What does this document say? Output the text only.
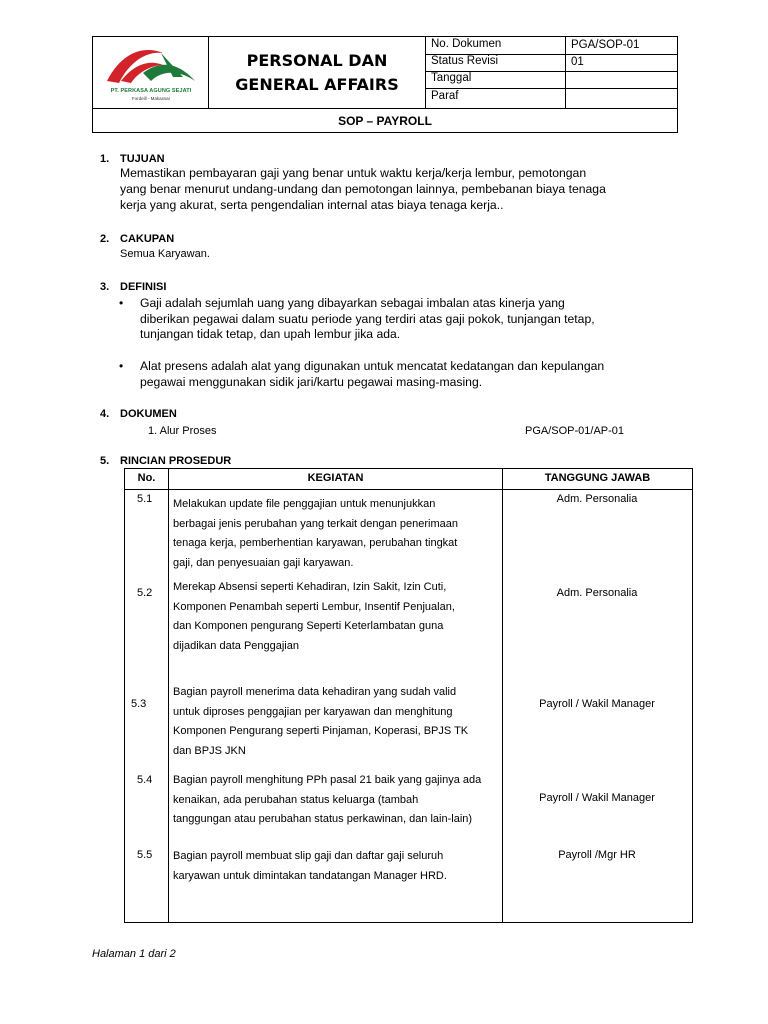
PT. PERKASA AGUNG SEJATI
Fordeill - Makassar
PERSONAL DAN
GENERAL AFFAIRS
No. Dokumen	PGA/SOP-01
Status Revisi	01
Tanggal
Paraf
SOP – PAYROLL
1. TUJUAN
Memastikan pembayaran gaji yang benar untuk waktu kerja/kerja lembur, pemotongan
yang benar menurut undang-undang dan pemotongan lainnya, pembebanan biaya tenaga
kerja yang akurat, serta pengendalian internal atas biaya tenaga kerja..
2. CAKUPAN
Semua Karyawan.
3. DEFINISI
• Gaji adalah sejumlah uang yang dibayarkan sebagai imbalan atas kinerja yang
diberikan pegawai dalam suatu periode yang terdiri atas gaji pokok, tunjangan tetap,
tunjangan tidak tetap, dan upah lembur jika ada.
• Alat presens adalah alat yang digunakan untuk mencatat kedatangan dan kepulangan
pegawai menggunakan sidik jari/kartu pegawai masing-masing.
4. DOKUMEN
1. Alur Proses	PGA/SOP-01/AP-01
5. RINCIAN PROSEDUR
No.	KEGIATAN	TANGGUNG JAWAB
5.1 Melakukan update file penggajian untuk menunjukkan
berbagai jenis perubahan yang terkait dengan penerimaan
tenaga kerja, pemberhentian karyawan, perubahan tingkat
gaji, dan penyesuaian gaji karyawan.
Adm. Personalia
5.2 Merekap Absensi seperti Kehadiran, Izin Sakit, Izin Cuti,
Komponen Penambah seperti Lembur, Insentif Penjualan,
dan Komponen pengurang Seperti Keterlambatan guna
dijadikan data Penggajian
Adm. Personalia
5.3
Bagian payroll menerima data kehadiran yang sudah valid
untuk diproses penggajian per karyawan dan menghitung
Komponen Pengurang seperti Pinjaman, Koperasi, BPJS TK
dan BPJS JKN
Payroll / Wakil Manager
5.4 Bagian payroll menghitung PPh pasal 21 baik yang gajinya ada
kenaikan, ada perubahan status keluarga (tambah
tanggungan atau perubahan status perkawinan, dan lain-lain)
Payroll / Wakil Manager
5.5 Bagian payroll membuat slip gaji dan daftar gaji seluruh
karyawan untuk dimintakan tandatangan Manager HRD.
Payroll /Mgr HR
Halaman 1 dari 2
